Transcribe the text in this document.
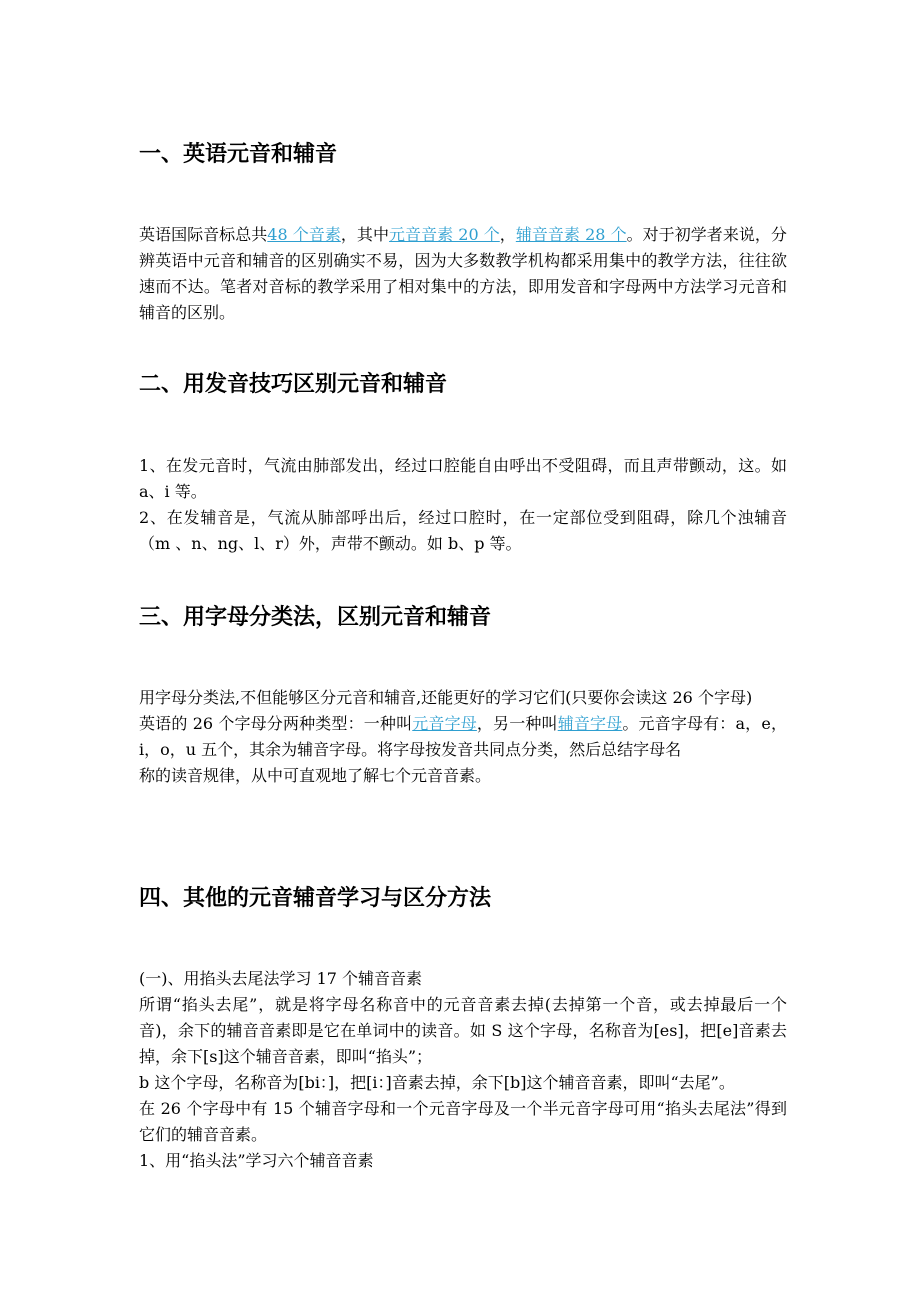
一、英语元音和辅音

英语国际音标总共48 个音素，其中元音音素 20 个，辅音音素 28 个。对于初学者来说，分辨英语中元音和辅音的区别确实不易，因为大多数教学机构都采用集中的教学方法，往往欲速而不达。笔者对音标的教学采用了相对集中的方法，即用发音和字母两中方法学习元音和辅音的区别。

二、用发音技巧区别元音和辅音

1、在发元音时，气流由肺部发出，经过口腔能自由呼出不受阻碍，而且声带颤动，这。如 a、i 等。

2、在发辅音是，气流从肺部呼出后，经过口腔时，在一定部位受到阻碍，除几个浊辅音（m 、n、ng、l、r）外，声带不颤动。如 b、p 等。

三、用字母分类法，区别元音和辅音

用字母分类法,不但能够区分元音和辅音,还能更好的学习它们(只要你会读这 26 个字母)

英语的 26 个字母分两种类型：一种叫元音字母，另一种叫辅音字母。元音字母有：a，e，i，o，u 五个，其余为辅音字母。将字母按发音共同点分类，然后总结字母名

称的读音规律，从中可直观地了解七个元音音素。

四、其他的元音辅音学习与区分方法

(一)、用掐头去尾法学习 17 个辅音音素

所谓“掐头去尾”，就是将字母名称音中的元音音素去掉(去掉第一个音，或去掉最后一个音)，余下的辅音音素即是它在单词中的读音。如 S 这个字母，名称音为[es]，把[e]音素去掉，余下[s]这个辅音音素，即叫“掐头”；

b 这个字母，名称音为[bi：]，把[i：]音素去掉，余下[b]这个辅音音素，即叫“去尾”。

在 26 个字母中有 15 个辅音字母和一个元音字母及一个半元音字母可用“掐头去尾法”得到它们的辅音音素。

1、用“掐头法”学习六个辅音音素
